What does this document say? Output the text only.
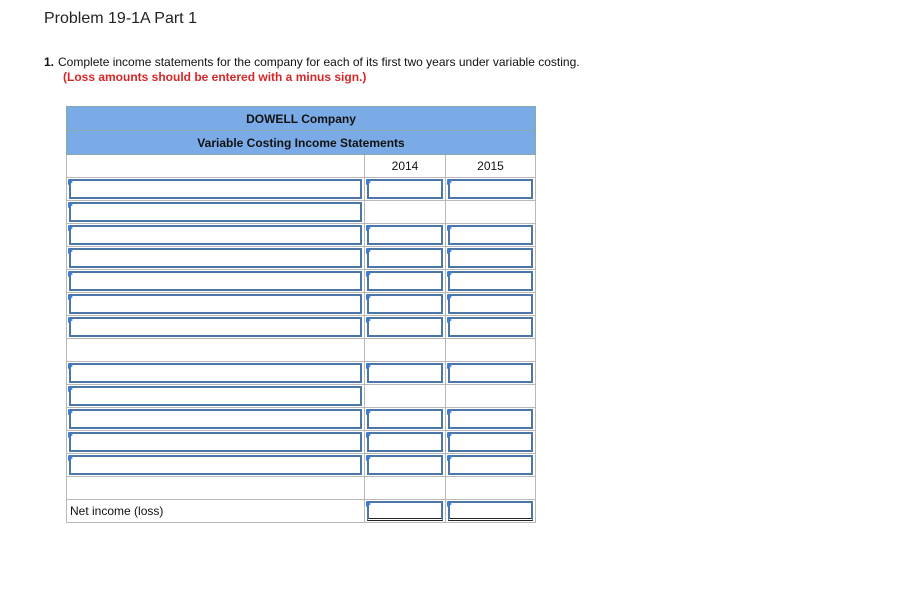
Problem 19-1A Part 1
1. Complete income statements for the company for each of its first two years under variable costing.
(Loss amounts should be entered with a minus sign.)
DOWELL Company		
Variable Costing Income Statements		
	2014	2015

Net income (loss)	
